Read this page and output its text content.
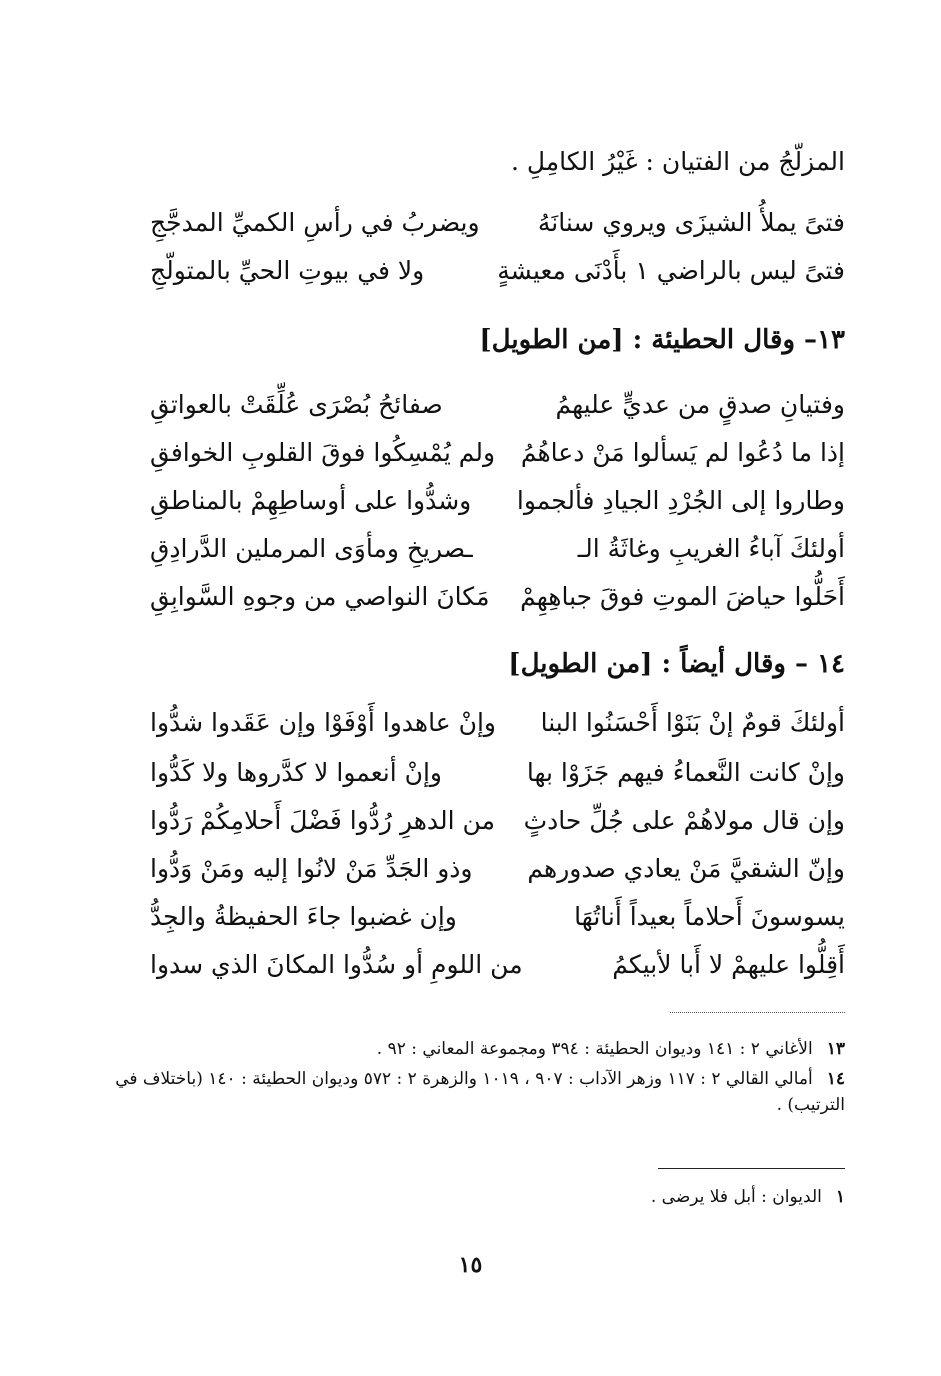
المزلّجُ من الفتيان : غَيْرُ الكامِلِ .
فتىً يملأُ الشيزَى ويروي سنانَهُ
ويضربُ في رأسِ الكميِّ المدجَّجِ
فتىً ليس بالراضي ١ بأَدْنَى معيشةٍ
ولا في بيوتِ الحيِّ بالمتولّجِ
١٣– وقال الحطيئة : [من الطويل]
وفتيانِ صدقٍ من عديٍّ عليهمُ
صفائحُ بُصْرَى عُلِّقَتْ بالعواتقِ
إذا ما دُعُوا لم يَسألوا مَنْ دعاهُمُ
ولم يُمْسِكُوا فوقَ القلوبِ الخوافقِ
وطاروا إلى الجُرْدِ الجيادِ فألجموا
وشدُّوا على أوساطِهِمْ بالمناطقِ
أولئكَ آباءُ الغريبِ وغاثَةُ الـ
ـصريخِ ومأوَى المرملين الدَّرادِقِ
أَحَلُّوا حياضَ الموتِ فوقَ جباهِهِمْ
مَكانَ النواصي من وجوهِ السَّوابِقِ
١٤ – وقال أيضاً : [من الطويل]
أولئكَ قومٌ إنْ بَنَوْا أَحْسَنُوا البنا
وإنْ عاهدوا أَوْفَوْا وإن عَقَدوا شدُّوا
وإنْ كانت النَّعماءُ فيهم جَزَوْا بها
وإنْ أنعموا لا كدَّروها ولا كَدُّوا
وإن قال مولاهُمْ على جُلِّ حادثٍ
من الدهرِ رُدُّوا فَضْلَ أَحلامِكُمْ رَدُّوا
وإنّ الشقيَّ مَنْ يعادي صدورهم
وذو الجَدِّ مَنْ لانُوا إليه ومَنْ وَدُّوا
يسوسونَ أَحلاماً بعيداً أَناتُهَا
وإن غضبوا جاءَ الحفيظةُ والجِدُّ
أَقِلُّوا عليهمْ لا أَبا لأبيكمُ
من اللومِ أو سُدُّوا المكانَ الذي سدوا
١٣الأغاني ٢ : ١٤١ وديوان الحطيئة : ٣٩٤ ومجموعة المعاني : ٩٢ .
١٤أمالي القالي ٢ : ١١٧ وزهر الآداب : ٩٠٧ ، ١٠١٩ والزهرة ٢ : ٥٧٢ وديوان الحطيئة : ١٤٠ (باختلاف في الترتيب) .
١الديوان : أبل فلا يرضى .
١٥
